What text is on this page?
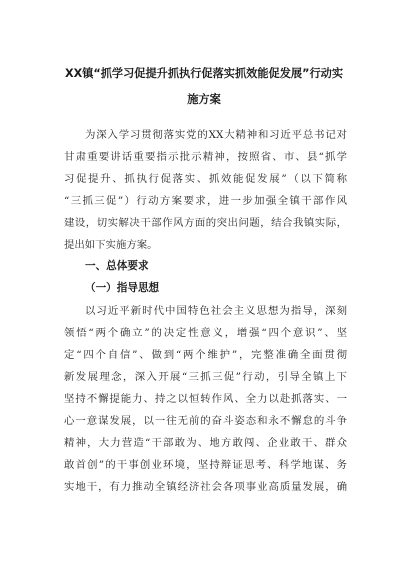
XX镇“抓学习促提升抓执行促落实抓效能促发展”行动实
施方案
为深入学习贯彻落实党的XX大精神和习近平总书记对
甘肃重要讲话重要指示批示精神，按照省、市、县“抓学
习促提升、抓执行促落实、抓效能促发展”（以下简称
“三抓三促”）行动方案要求，进一步加强全镇干部作风
建设，切实解决干部作风方面的突出问题，结合我镇实际，
提出如下实施方案。
一、总体要求
（一）指导思想
以习近平新时代中国特色社会主义思想为指导，深刻
领悟“两个确立”的决定性意义，增强“四个意识”、坚
定“四个自信”、做到“两个维护”，完整准确全面贯彻
新发展理念，深入开展“三抓三促”行动，引导全镇上下
坚持不懈提能力、持之以恒转作风、全力以赴抓落实、一
心一意谋发展，以一往无前的奋斗姿态和永不懈怠的斗争
精神，大力营造“干部敢为、地方敢闯、企业敢干、群众
敢首创”的干事创业环境，坚持辩证思考、科学地谋、务
实地干，有力推动全镇经济社会各项事业高质量发展，确
